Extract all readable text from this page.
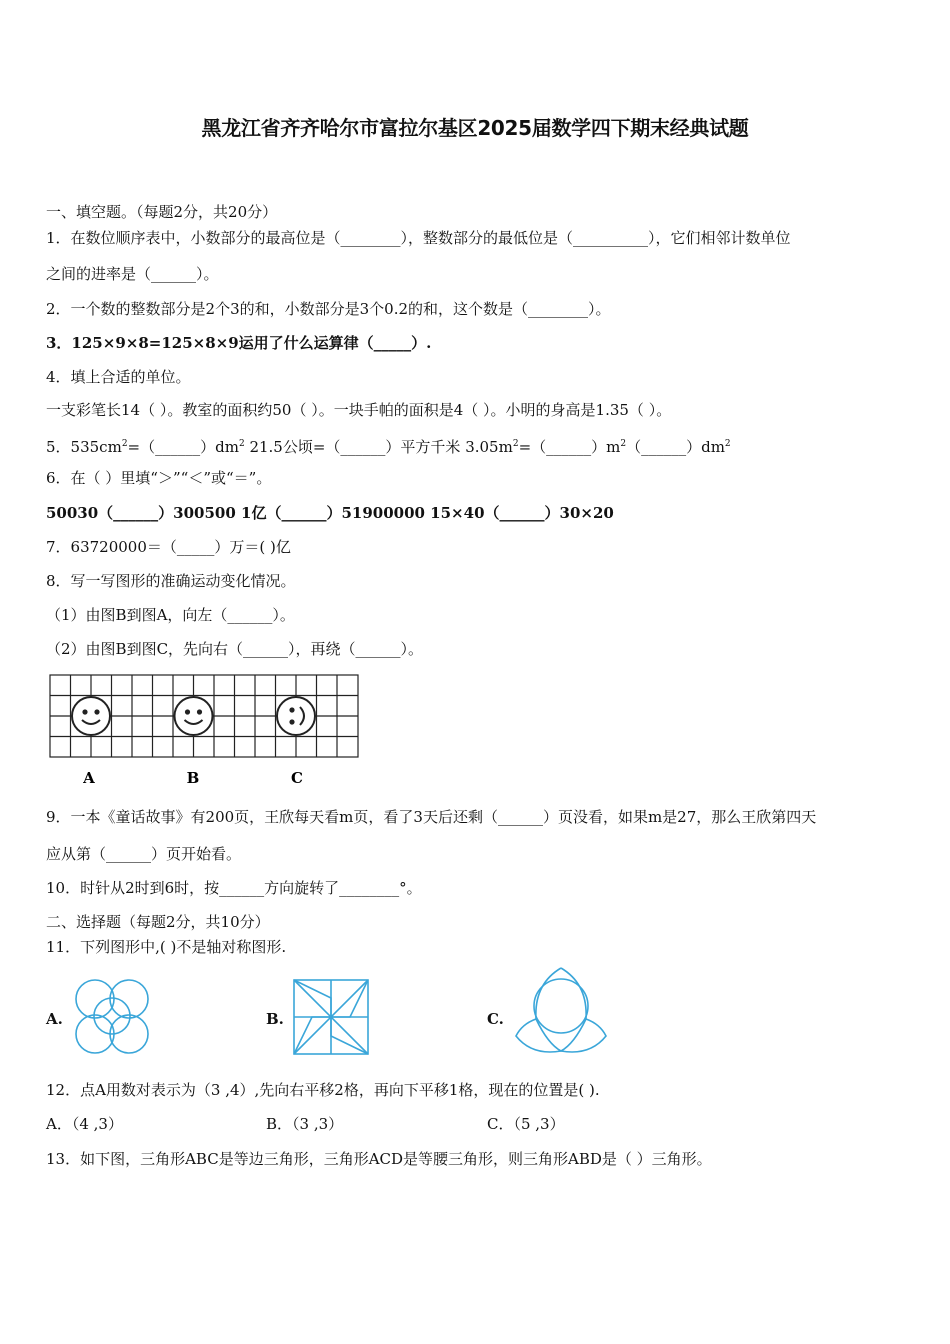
黑龙江省齐齐哈尔市富拉尔基区2025届数学四下期末经典试题
一、填空题。（每题2分，共20分）
1．在数位顺序表中，小数部分的最高位是（________），整数部分的最低位是（__________），它们相邻计数单位
之间的进率是（______）。
2．一个数的整数部分是2个3的和，小数部分是3个0.2的和，这个数是（________）。
3．125×9×8=125×8×9运用了什么运算律（_____）.
4．填上合适的单位。
一支彩笔长14（ ）。教室的面积约50（ ）。一块手帕的面积是4（ ）。小明的身高是1.35（ ）。
5．$535cm^2=(\_\_\_\_\_\_)dm^2$ 21.5公顷=（______）平方千米 $3.05m^2=(\_\_\_\_\_\_)m^2(\_\_\_\_\_\_)dm^2$
6．在（ ）里填“＞”“＜”或“＝”。
50030（______）300500 1亿（______）51900000 15×40（______）30×20
7．63720000＝（_____）万＝( )亿
8．写一写图形的准确运动变化情况。
（1）由图B到图A，向左（______）。
（2）由图B到图C，先向右（______），再绕（______）。
A	B	C
9．一本《童话故事》有200页，王欣每天看m页，看了3天后还剩（______）页没看，如果m是27，那么王欣第四天
应从第（______）页开始看。
10．时针从2时到6时，按______方向旋转了________°。
二、选择题（每题2分，共10分）
11．下列图形中,( )不是轴对称图形.
A.	B.	C.
12．点A用数对表示为（3 ,4）,先向右平移2格，再向下平移1格，现在的位置是( ).
A．（4 ,3）	B．（3 ,3）	C．（5 ,3）
13．如下图，三角形ABC是等边三角形，三角形ACD是等腰三角形，则三角形ABD是（ ）三角形。
